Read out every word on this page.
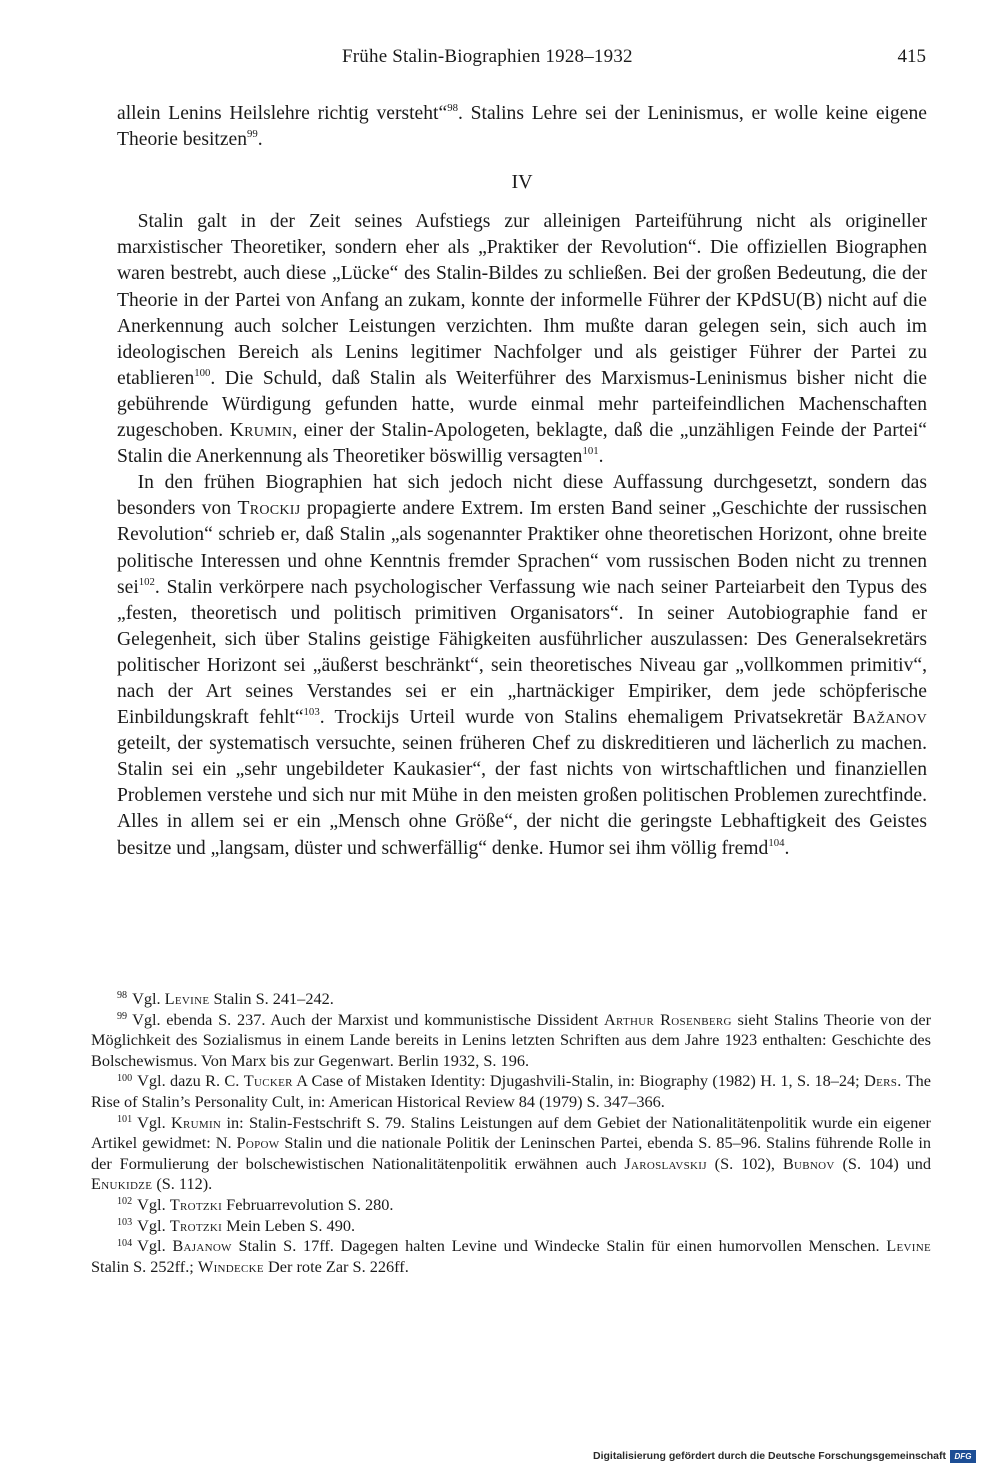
Frühe Stalin-Biographien 1928–1932	415

allein Lenins Heilslehre richtig versteht“$^{98}$. Stalins Lehre sei der Leninismus, er wolle keine eigene Theorie besitzen$^{99}$.

IV

Stalin galt in der Zeit seines Aufstiegs zur alleinigen Parteiführung nicht als origineller marxistischer Theoretiker, sondern eher als „Praktiker der Revolution“. Die offiziellen Biographen waren bestrebt, auch diese „Lücke“ des Stalin-Bildes zu schließen. Bei der großen Bedeutung, die der Theorie in der Partei von Anfang an zukam, konnte der informelle Führer der KPdSU(B) nicht auf die Anerkennung auch solcher Leistungen verzichten. Ihm mußte daran gelegen sein, sich auch im ideologischen Bereich als Lenins legitimer Nachfolger und als geistiger Führer der Partei zu etablieren$^{100}$. Die Schuld, daß Stalin als Weiterführer des Marxismus-Leninismus bisher nicht die gebührende Würdigung gefunden hatte, wurde einmal mehr parteifeindlichen Machenschaften zugeschoben. Krumin, einer der Stalin-Apologeten, beklagte, daß die „unzähligen Feinde der Partei“ Stalin die Anerkennung als Theoretiker böswillig versagten$^{101}$.

In den frühen Biographien hat sich jedoch nicht diese Auffassung durchgesetzt, sondern das besonders von Trockij propagierte andere Extrem. Im ersten Band seiner „Geschichte der russischen Revolution“ schrieb er, daß Stalin „als sogenannter Praktiker ohne theoretischen Horizont, ohne breite politische Interessen und ohne Kenntnis fremder Sprachen“ vom russischen Boden nicht zu trennen sei$^{102}$. Stalin verkörpere nach psychologischer Verfassung wie nach seiner Parteiarbeit den Typus des „festen, theoretisch und politisch primitiven Organisators“. In seiner Autobiographie fand er Gelegenheit, sich über Stalins geistige Fähigkeiten ausführlicher auszulassen: Des Generalsekretärs politischer Horizont sei „äußerst beschränkt“, sein theoretisches Niveau gar „vollkommen primitiv“, nach der Art seines Verstandes sei er ein „hartnäckiger Empiriker, dem jede schöpferische Einbildungskraft fehlt“$^{103}$. Trockijs Urteil wurde von Stalins ehemaligem Privatsekretär Bažanov geteilt, der systematisch versuchte, seinen früheren Chef zu diskreditieren und lächerlich zu machen. Stalin sei ein „sehr ungebildeter Kaukasier“, der fast nichts von wirtschaftlichen und finanziellen Problemen verstehe und sich nur mit Mühe in den meisten großen politischen Problemen zurechtfinde. Alles in allem sei er ein „Mensch ohne Größe“, der nicht die geringste Lebhaftigkeit des Geistes besitze und „langsam, düster und schwerfällig“ denke. Humor sei ihm völlig fremd$^{104}$.

$^{98}$ Vgl. Levine Stalin S. 241–242.

$^{99}$ Vgl. ebenda S. 237. Auch der Marxist und kommunistische Dissident Arthur Rosenberg sieht Stalins Theorie von der Möglichkeit des Sozialismus in einem Lande bereits in Lenins letzten Schriften aus dem Jahre 1923 enthalten: Geschichte des Bolschewismus. Von Marx bis zur Gegenwart. Berlin 1932, S. 196.

$^{100}$ Vgl. dazu R. C. Tucker A Case of Mistaken Identity: Djugashvili-Stalin, in: Biography (1982) H. 1, S. 18–24; Ders. The Rise of Stalin’s Personality Cult, in: American Historical Review 84 (1979) S. 347–366.

$^{101}$ Vgl. Krumin in: Stalin-Festschrift S. 79. Stalins Leistungen auf dem Gebiet der Nationalitätenpolitik wurde ein eigener Artikel gewidmet: N. Popow Stalin und die nationale Politik der Leninschen Partei, ebenda S. 85–96. Stalins führende Rolle in der Formulierung der bolschewistischen Nationalitätenpolitik erwähnen auch Jaroslavskij (S. 102), Bubnov (S. 104) und Enukidze (S. 112).

$^{102}$ Vgl. Trotzki Februarrevolution S. 280.

$^{103}$ Vgl. Trotzki Mein Leben S. 490.

$^{104}$ Vgl. Bajanow Stalin S. 17ff. Dagegen halten Levine und Windecke Stalin für einen humorvollen Menschen. Levine Stalin S. 252ff.; Windecke Der rote Zar S. 226ff.

Digitalisierung gefördert durch die Deutsche Forschungsgemeinschaft	DFG
